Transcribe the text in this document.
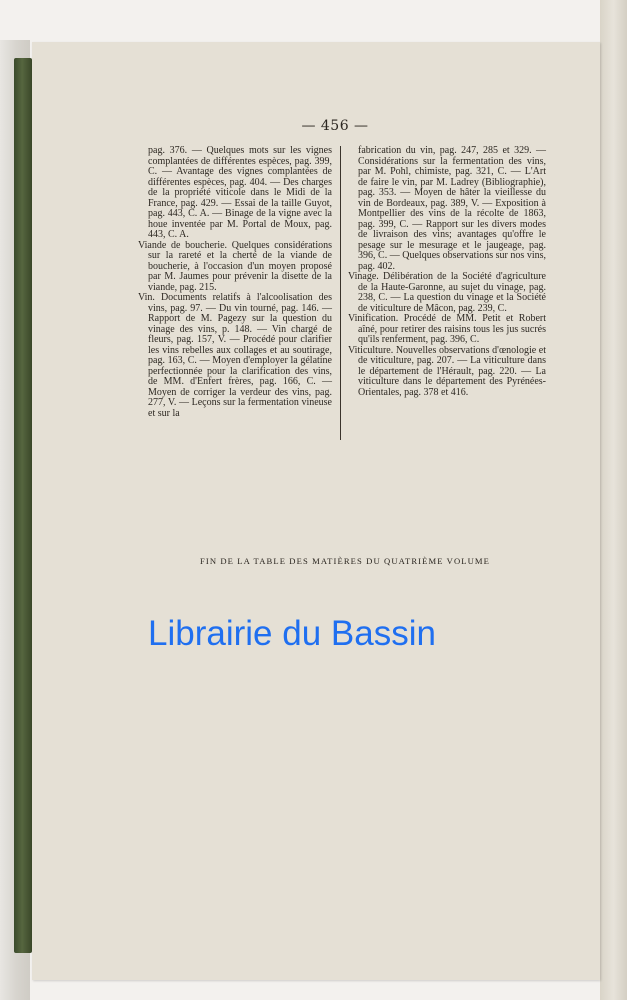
— 456 —

pag. 376. — Quelques mots sur les vignes complantées de différentes espèces, pag. 399, C. — Avantage des vignes complantées de différentes espèces, pag. 404. — Des charges de la propriété viticole dans le Midi de la France, pag. 429. — Essai de la taille Guyot, pag. 443, C. A. — Binage de la vigne avec la houe inventée par M. Portal de Moux, pag. 443, C. A.

Viande de boucherie. Quelques considérations sur la rareté et la cherté de la viande de boucherie, à l'occasion d'un moyen proposé par M. Jaumes pour prévenir la disette de la viande, pag. 215.

Vin. Documents relatifs à l'alcoolisation des vins, pag. 97. — Du vin tourné, pag. 146. — Rapport de M. Pagezy sur la question du vinage des vins, p. 148. — Vin chargé de fleurs, pag. 157, V. — Procédé pour clarifier les vins rebelles aux collages et au soutirage, pag. 163, C. — Moyen d'employer la gélatine perfectionnée pour la clarification des vins, de MM. d'Enfert frères, pag. 166, C. — Moyen de corriger la verdeur des vins, pag. 277, V. — Leçons sur la fermentation vineuse et sur la

fabrication du vin, pag. 247, 285 et 329. — Considérations sur la fermentation des vins, par M. Pohl, chimiste, pag. 321, C. — L'Art de faire le vin, par M. Ladrey (Bibliographie), pag. 353. — Moyen de hâter la vieillesse du vin de Bordeaux, pag. 389, V. — Exposition à Montpellier des vins de la récolte de 1863, pag. 399, C. — Rapport sur les divers modes de livraison des vins; avantages qu'offre le pesage sur le mesurage et le jaugeage, pag. 396, C. — Quelques observations sur nos vins, pag. 402.

Vinage. Délibération de la Société d'agriculture de la Haute-Garonne, au sujet du vinage, pag. 238, C. — La question du vinage et la Société de viticulture de Mâcon, pag. 239, C.

Vinification. Procédé de MM. Petit et Robert aîné, pour retirer des raisins tous les jus sucrés qu'ils renferment, pag. 396, C.

Viticulture. Nouvelles observations d'œnologie et de viticulture, pag. 207. — La viticulture dans le département de l'Hérault, pag. 220. — La viticulture dans le département des Pyrénées-Orientales, pag. 378 et 416.

FIN DE LA TABLE DES MATIÈRES DU QUATRIÈME VOLUME
Librairie du Bassin
